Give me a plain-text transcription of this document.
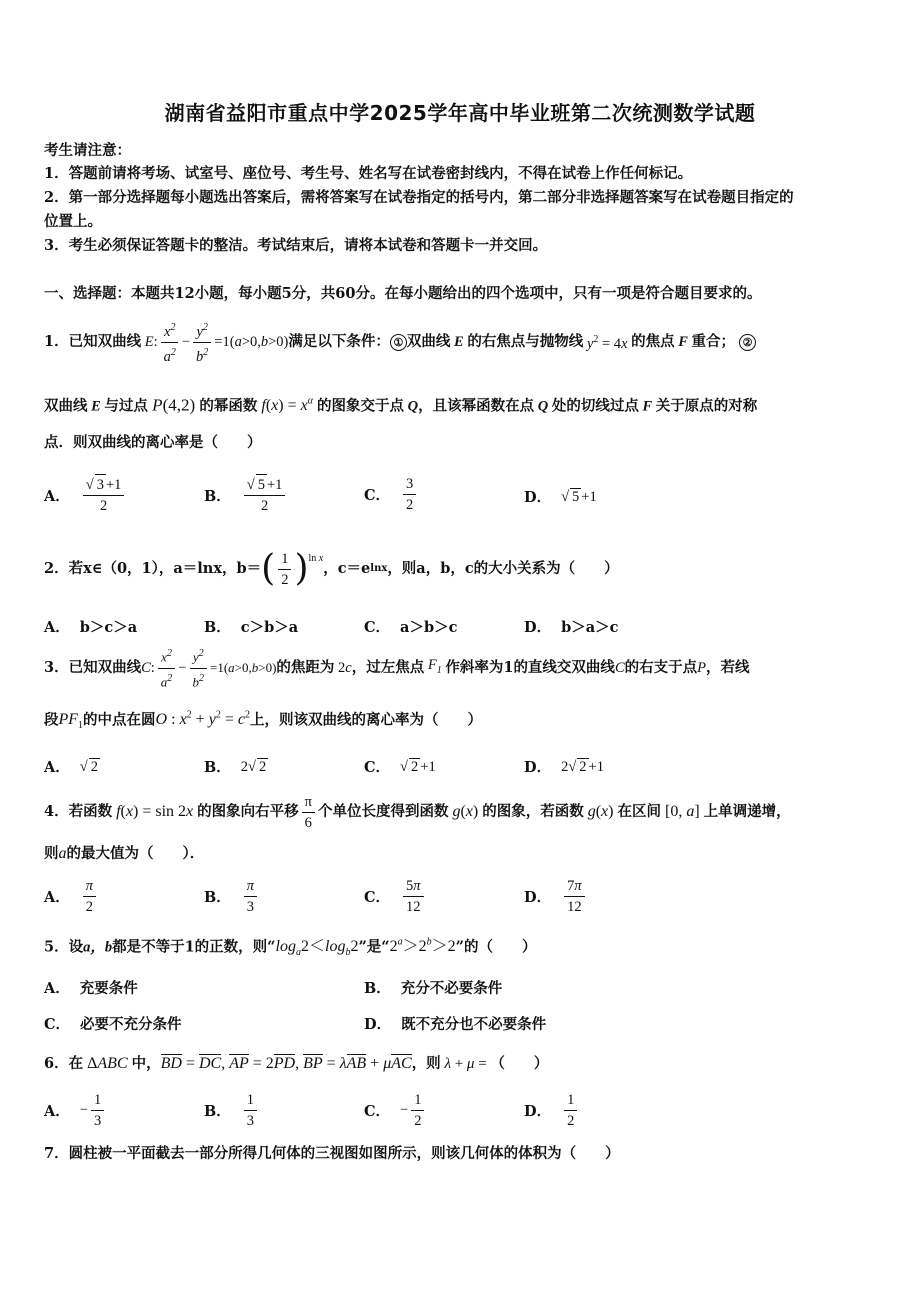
湖南省益阳市重点中学2025学年高中毕业班第二次统测数学试题
考生请注意：
1．答题前请将考场、试室号、座位号、考生号、姓名写在试卷密封线内，不得在试卷上作任何标记。
2．第一部分选择题每小题选出答案后，需将答案写在试卷指定的括号内，第二部分非选择题答案写在试卷题目指定的
位置上。
3．考生必须保证答题卡的整洁。考试结束后，请将本试卷和答题卡一并交回。
一、选择题：本题共12小题，每小题5分，共60分。在每小题给出的四个选项中，只有一项是符合题目要求的。
1．已知双曲线 E : $\frac{x^2}{a^2} - \frac{y^2}{b^2} =1(a>0,b>0)$ 满足以下条件： ① 双曲线 E 的右焦点与抛物线 $y^2 = 4x$ 的焦点 F 重合； ②
双曲线 E 与过点 P(4,2) 的幂函数 $f(x) = x^\alpha$ 的图象交于点 Q，且该幂函数在点 Q 处的切线过点 F 关于原点的对称
点．则双曲线的离心率是（　　）
A． $\frac{√ 3 +1}{2}$	B． $\frac{√ 5 +1}{2}$	C． $\frac{3}{2}$	D． √ 5 +1
2．若 x∈（0，1），a＝lnx，b＝ ( $\frac{1}{2} )^{ln x}$
，c＝e lnx ，则a，b，c的大小关系为（　　）
A． b＞c＞a	B． c＞b＞a	C． a＞b＞c	D． b＞a＞c
3．已知双曲线 C : $\frac{x^2}{a^2} - \frac{y^2}{b^2} =1(a>0,b>0)$ 的焦距为 2c ，过左焦点 $F_1$ 作斜率为 1 的直线交双曲线 C 的右支于点 P ，若线
段$PF_1$的中点在圆O : $x^2 + y^2 = c^2$上，则该双曲线的离心率为（　　）
A． √ 2	B． 2√ 2	C． √ 2 +1	D． 2√ 2 +1
4．若函数 f(x) = sin 2x 的图象向右平移 $\frac{\pi}{6}$ 个单位长度得到函数 g(x) 的图象，若函数 g(x) 在区间 [0, a] 上单调递增，
则a的最大值为（　　）．
A． $\frac{\pi}{2}$	B． $\frac{\pi}{3}$	C． $\frac{5\pi}{12}$	D． $\frac{7\pi}{12}$
5．设a，b都是不等于1的正数，则“$\log_a2<\log_b2$”是“$2^a>2^b>2$”的（　　）
A． 充要条件	B． 充分不必要条件
C． 必要不充分条件	D． 既不充分也不必要条件
6．在 ΔABC 中，BD = DC, AP = 2PD, BP = λAB + μAC，则 λ + μ = （　　）
A． − $\frac{1}{3}$	B． $\frac{1}{3}$	C． − $\frac{1}{2}$	D． $\frac{1}{2}$
7．圆柱被一平面截去一部分所得几何体的三视图如图所示，则该几何体的体积为（　　）
